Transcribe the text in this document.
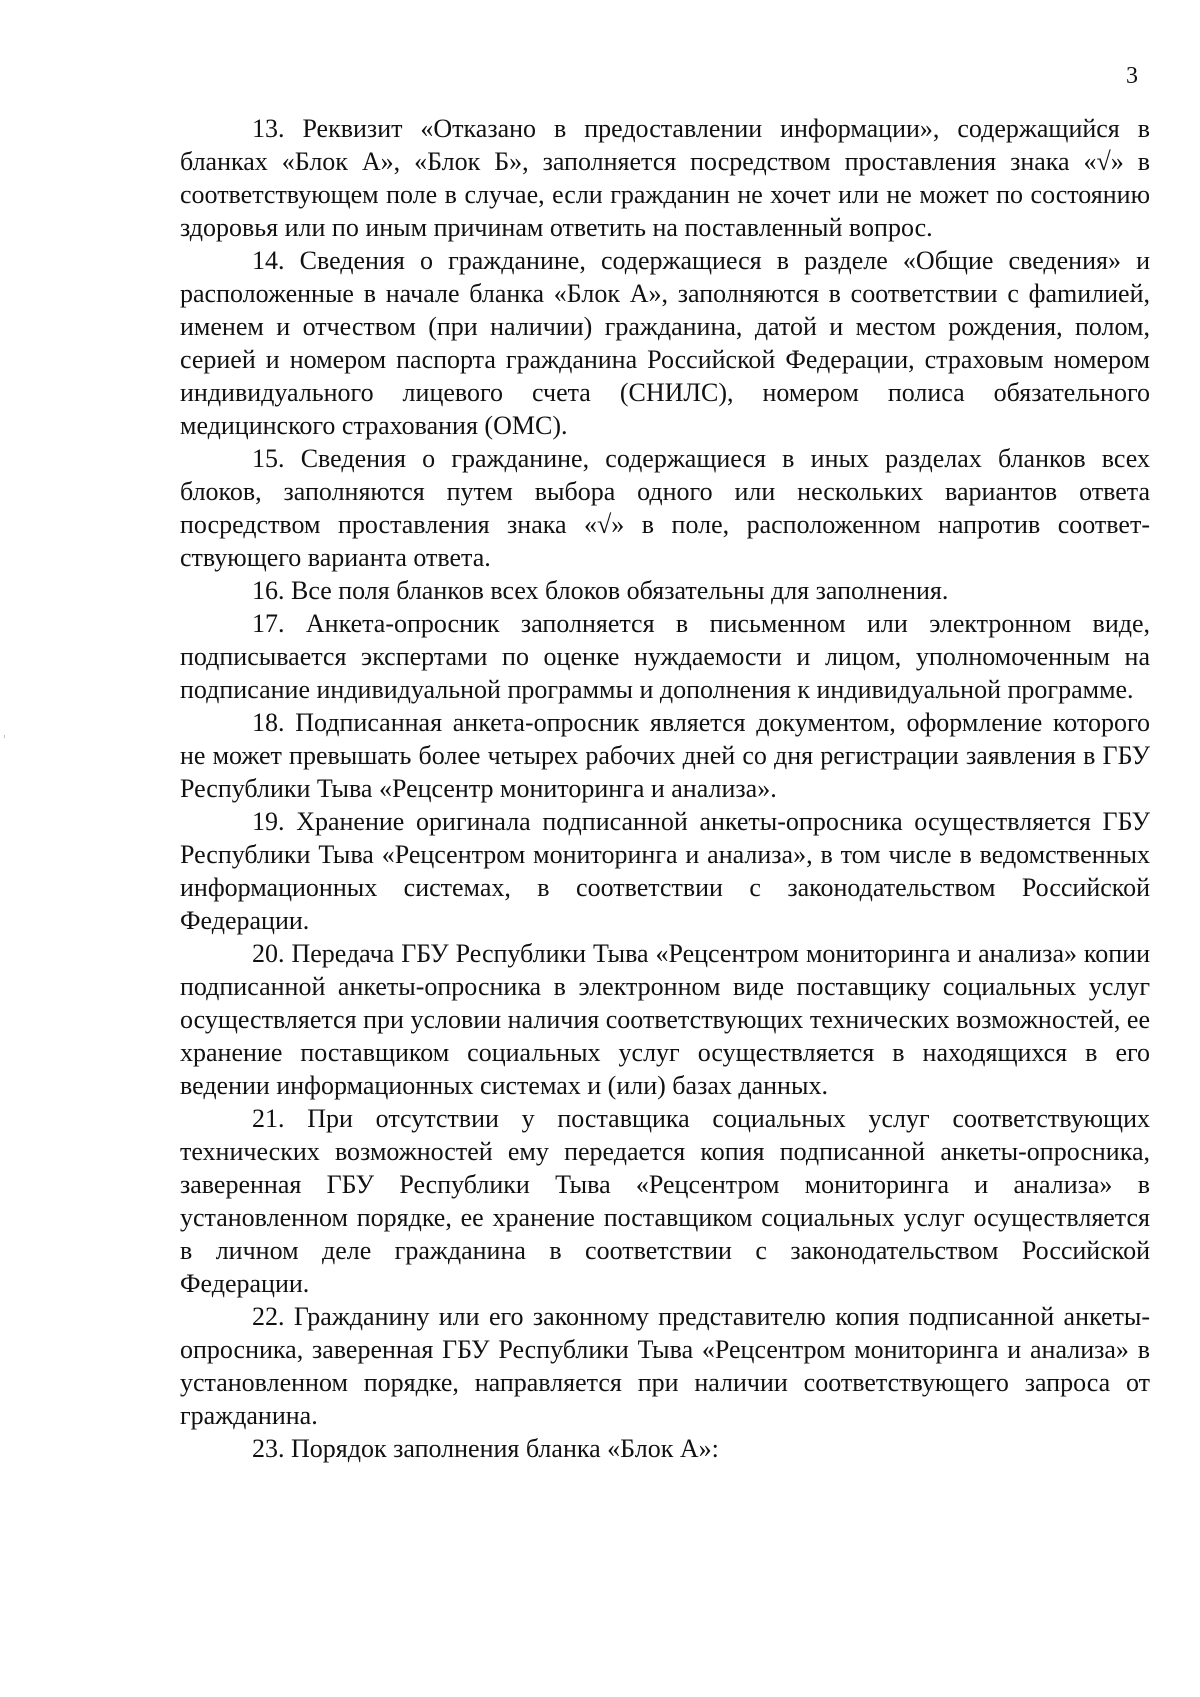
3

13. Реквизит «Отказано в предоставлении информации», содержащийся в бланках «Блок А», «Блок Б», заполняется посредством проставления знака «√» в соответствующем поле в случае, если гражданин не хочет или не может по состоянию здоровья или по иным причинам ответить на поставленный вопрос.

14. Сведения о гражданине, содержащиеся в разделе «Общие сведения» и расположенные в начале бланка «Блок А», заполняются в соответствии с фаmилией, именем и отчеством (при наличии) гражданина, датой и местом рождения, полом, серией и номером паспорта гражданина Российской Федерации, страховым номером индивидуального лицевого счета (СНИЛС), номером полиса обязательного медицинского страхования (ОМС).

15. Сведения о гражданине, содержащиеся в иных разделах бланков всех блоков, заполняются путем выбора одного или нескольких вариантов ответа посредством проставления знака «√» в поле, расположенном напротив соответствующего варианта ответа.

16. Все поля бланков всех блоков обязательны для заполнения.

17. Анкета-опросник заполняется в письменном или электронном виде, подписывается экспертами по оценке нуждаемости и лицом, уполномоченным на подписание индивидуальной программы и дополнения к индивидуальной программе.

18. Подписанная анкета-опросник является документом, оформление которого не может превышать более четырех рабочих дней со дня регистрации заявления в ГБУ Республики Тыва «Рецсентр мониторинга и анализа».

19. Хранение оригинала подписанной анкеты-опросника осуществляется ГБУ Республики Тыва «Рецсентром мониторинга и анализа», в том числе в ведомственных информационных системах, в соответствии с законодательством Российской Федерации.

20. Передача ГБУ Республики Тыва «Рецсентром мониторинга и анализа» копии подписанной анкеты-опросника в электронном виде поставщику социальных услуг осуществляется при условии наличия соответствующих технических возможностей, ее хранение поставщиком социальных услуг осуществляется в находящихся в его ведении информационных системах и (или) базах данных.

21. При отсутствии у поставщика социальных услуг соответствующих технических возможностей ему передается копия подписанной анкеты-опросника, заверенная ГБУ Республики Тыва «Рецсентром мониторинга и анализа» в установленном порядке, ее хранение поставщиком социальных услуг осуществляется в личном деле гражданина в соответствии с законодательством Российской Федерации.

22. Гражданину или его законному представителю копия подписанной анкеты-опросника, заверенная ГБУ Республики Тыва «Рецсентром мониторинга и анализа» в установленном порядке, направляется при наличии соответствующего запроса от гражданина.

23. Порядок заполнения бланка «Блок А»:
